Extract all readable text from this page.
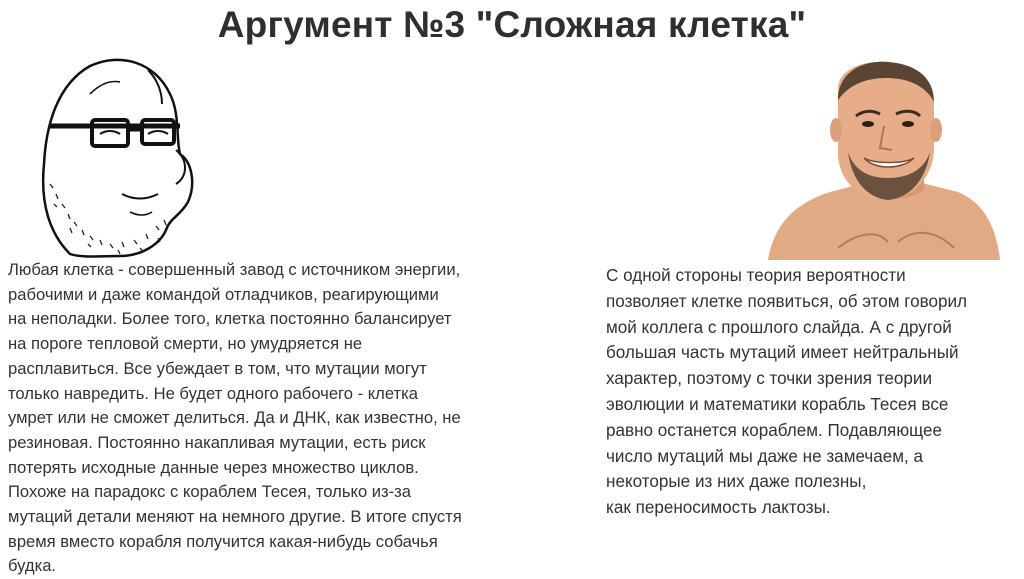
Аргумент №3 "Сложная клетка"
Любая клетка - совершенный завод с источником энергии,
рабочими и даже командой отладчиков, реагирующими
на неполадки. Более того, клетка постоянно балансирует
на пороге тепловой смерти, но умудряется не
расплавиться. Все убеждает в том, что мутации могут
только навредить. Не будет одного рабочего - клетка
умрет или не сможет делиться. Да и ДНК, как известно, не
резиновая. Постоянно накапливая мутации, есть риск
потерять исходные данные через множество циклов.
Похоже на парадокс с кораблем Тесея, только из-за
мутаций детали меняют на немного другие. В итоге спустя
время вместо корабля получится какая-нибудь собачья
будка.
С одной стороны теория вероятности
позволяет клетке появиться, об этом говорил
мой коллега с прошлого слайда. А с другой
большая часть мутаций имеет нейтральный
характер, поэтому с точки зрения теории
эволюции и математики корабль Тесея все
равно останется кораблем. Подавляющее
число мутаций мы даже не замечаем, а
некоторые из них даже полезны,
как переносимость лактозы.
